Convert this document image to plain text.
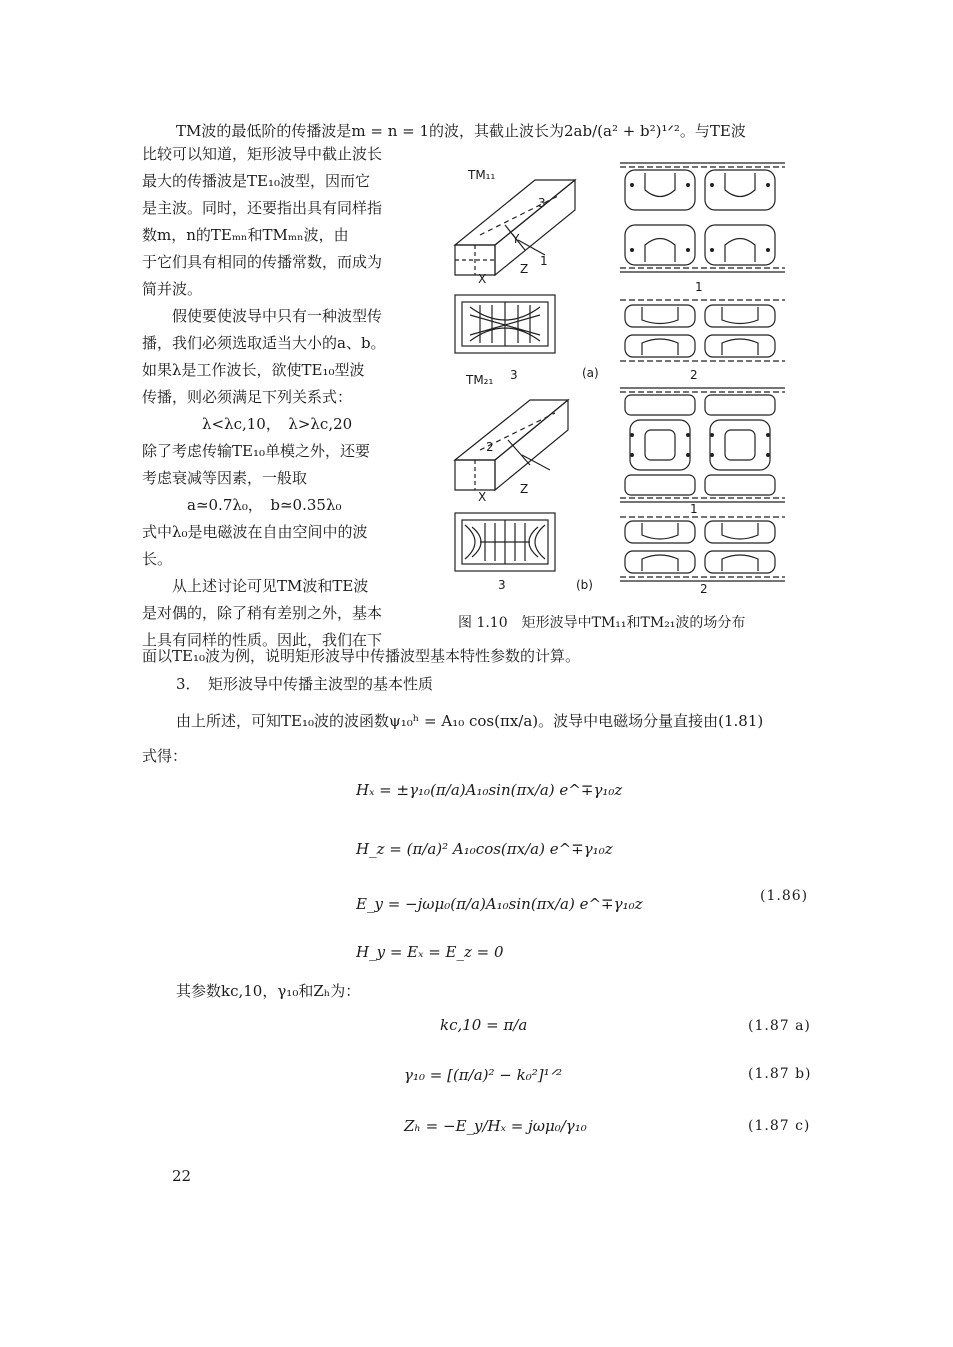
TM波的最低阶的传播波是m = n = 1的波，其截止波长为2ab/(a² + b²)¹ᐟ²。与TE波
比较可以知道，矩形波导中截止波长
最大的传播波是TE₁₀波型，因而它
是主波。同时，还要指出具有同样指
数m，n的TEₘₙ和TMₘₙ波，由
于它们具有相同的传播常数，而成为
简并波。
　　假使要使波导中只有一种波型传
播，我们必须选取适当大小的a、b。
如果λ是工作波长，欲使TE₁₀型波
传播，则必须满足下列关系式：
　　　　λ<λc,10，　λ>λc,20
除了考虑传输TE₁₀单模之外，还要
考虑衰减等因素，一般取
　　　a≃0.7λ₀，　b≃0.35λ₀
式中λ₀是电磁波在自由空间中的波
长。
　　从上述讨论可见TM波和TE波
是对偶的，除了稍有差别之外，基本
上具有同样的性质。因此，我们在下
TM₁₁
3
1
X
Z
Y
1
TM₂₁ 3	(a)	2
X
Z
2
1
3	(b)	2
图 1.10　矩形波导中TM₁₁和TM₂₁波的场分布
面以TE₁₀波为例，说明矩形波导中传播波型基本特性参数的计算。
3．　矩形波导中传播主波型的基本性质
由上所述，可知TE₁₀波的波函数ψ₁₀ʰ = A₁₀ cos(πx/a)。波导中电磁场分量直接由(1.81)
式得：
Hₓ = ±γ₁₀(π/a)A₁₀sin(πx/a) e^∓γ₁₀z
H_z = (π/a)² A₁₀cos(πx/a) e^∓γ₁₀z
E_y = −jωμ₀(π/a)A₁₀sin(πx/a) e^∓γ₁₀z	(1.86)
H_y = Eₓ = E_z = 0
其参数kc,10，γ₁₀和Zₕ为：
kc,10 = π/a	(1.87 a)
γ₁₀ = [(π/a)² − k₀²]¹ᐟ²	(1.87 b)
Zₕ = −E_y/Hₓ = jωμ₀/γ₁₀	(1.87 c)
22
